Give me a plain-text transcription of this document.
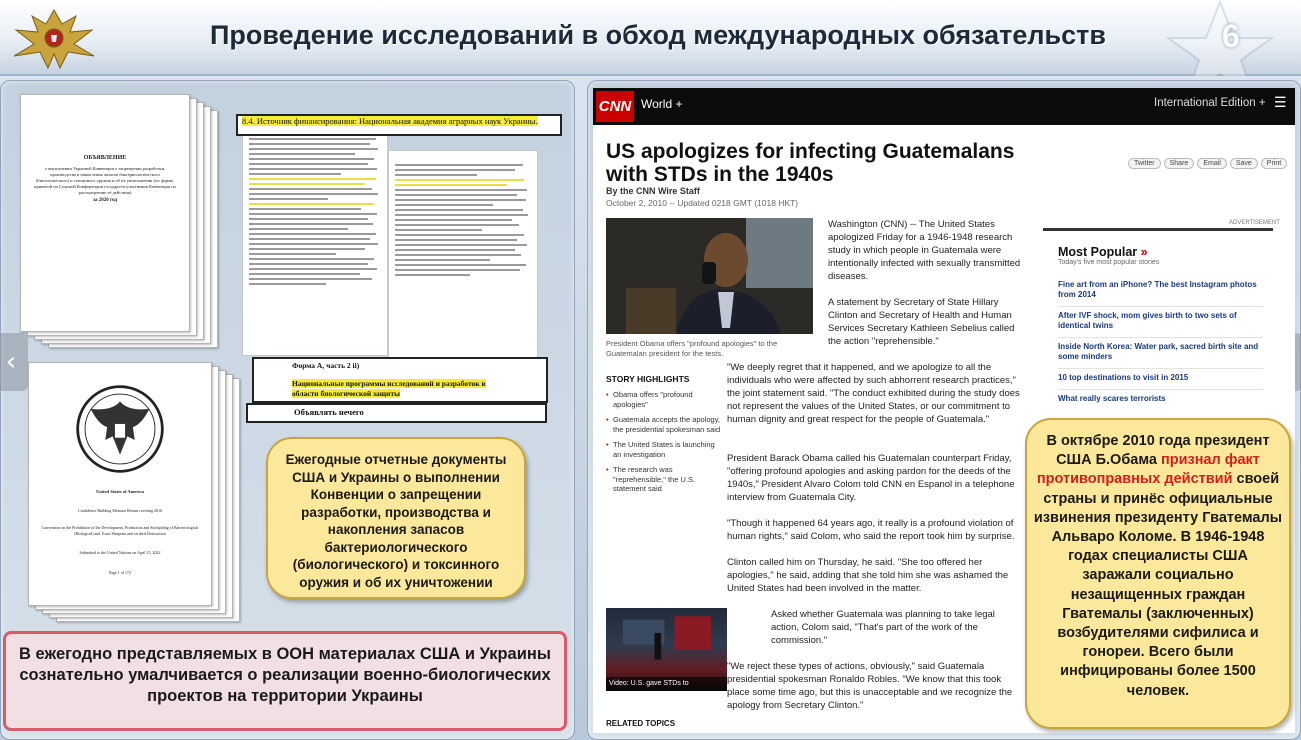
Проведение исследований в обход международных обязательств	6
ОБЪЯВЛЕНИЕ
о выполнении Украиной Конвенции о запрещении разработки, производства и накопления запасов бактериологического (биологического) и токсинного оружия и об их уничтожении (по форме, принятой на Седьмой Конференции государств-участников Конвенции по рассмотрению её действия)
за 2020 год
United States of America
Confidence Building Measure Return covering 2016
Convention on the Prohibition of the Development, Production and Stockpiling of Bacteriological (Biological) and Toxin Weapons and on their Destruction
Submitted to the United Nations on April 15, 2022
Page 1 of 172
8.4. Источник финансирования: Национальная академия аграрных наук Украины.
Форма А, часть 2 ii)
Национальные программы исследований и разработок в области биологической защиты
Объявлять нечего
Ежегодные отчетные документы США и Украины о выполнении Конвенции о запрещении разработки, производства и накопления запасов бактериологического (биологического) и токсинного оружия и об их уничтожении
В ежегодно представляемых в ООН материалах США и Украины сознательно умалчивается о реализации военно-биологических проектов на территории Украины
‹
CNN World +	International Edition + ☰
US apologizes for infecting Guatemalans with STDs in the 1940s
By the CNN Wire Staff
October 2, 2010 -- Updated 0218 GMT (1018 HKT)
Twitter Share Email Save Print
ADVERTISEMENT
President Obama offers "profound apologies" to the Guatemalan president for the tests.
STORY HIGHLIGHTS
• Obama offers "profound apologies"
• Guatemala accepts the apology, the presidential spokesman said
• The United States is launching an investigation
• The research was "reprehensible," the U.S. statement said
Washington (CNN) -- The United States apologized Friday for a 1946-1948 research study in which people in Guatemala were intentionally infected with sexually transmitted diseases.
A statement by Secretary of State Hillary Clinton and Secretary of Health and Human Services Secretary Kathleen Sebelius called the action "reprehensible."
"We deeply regret that it happened, and we apologize to all the individuals who were affected by such abhorrent research practices," the joint statement said. "The conduct exhibited during the study does not represent the values of the United States, or our commitment to human dignity and great respect for the people of Guatemala."
President Barack Obama called his Guatemalan counterpart Friday, "offering profound apologies and asking pardon for the deeds of the 1940s," President Alvaro Colom told CNN en Espanol in a telephone interview from Guatemala City.
"Though it happened 64 years ago, it really is a profound violation of human rights," said Colom, who said the report took him by surprise.
Clinton called him on Thursday, he said. "She too offered her apologies," he said, adding that she told him she was ashamed the United States had been involved in the matter.
Asked whether Guatemala was planning to take legal action, Colom said, "That's part of the work of the commission."
"We reject these types of actions, obviously," said Guatemala presidential spokesman Ronaldo Robles. "We know that this took place some time ago, but this is unacceptable and we recognize the apology from Secretary Clinton."
Most Popular »
Today's five most popular stories
Fine art from an iPhone? The best Instagram photos from 2014
After IVF shock, mom gives birth to two sets of identical twins
Inside North Korea: Water park, sacred birth site and some minders
10 top destinations to visit in 2015
What really scares terrorists
Video: U.S. gave STDs to Guatemalans
RELATED TOPICS
В октябре 2010 года президент США Б.Обама признал факт противоправных действий своей страны и принёс официальные извинения президенту Гватемалы Альваро Коломе. В 1946-1948 годах специалисты США заражали социально незащищенных граждан Гватемалы (заключенных) возбудителями сифилиса и гонореи. Всего были инфицированы более 1500 человек.
